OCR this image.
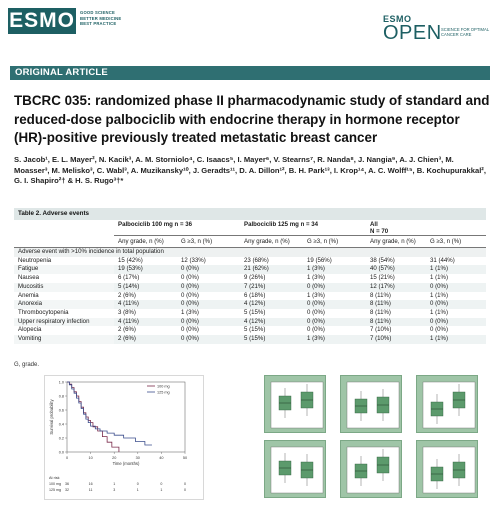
ESMO GOOD SCIENCE
BETTER MEDICINE
BEST PRACTICE	ESMO
OPEN SCIENCE FOR OPTIMAL CANCER CARE
ORIGINAL ARTICLE
TBCRC 035: randomized phase II pharmacodynamic study of standard and reduced-dose palbociclib with endocrine therapy in hormone receptor (HR)-positive previously treated metastatic breast cancer
S. Jacob¹, E. L. Mayer², N. Kacik³, A. M. Storniolo⁴, C. Isaacs⁵, I. Mayer⁶, V. Stearns⁷, R. Nanda⁸, J. Nangia⁹, A. J. Chien³, M. Moasser³, M. Melisko³, C. Wabl³, A. Muzikansky¹⁰, J. Geradts¹¹, D. A. Dillon¹², B. H. Park¹³, I. Krop¹⁴, A. C. Wolff¹⁵, B. Kochupurakkal², G. I. Shapiro²† & H. S. Rugo³†*
Table 2. Adverse events
	Palbociclib 100 mg n = 36		Palbociclib 125 mg n = 34		All
N = 70	
	Any grade, n (%)	G ≥3, n (%)	Any grade, n (%)	G ≥3, n (%)	Any grade, n (%)	G ≥3, n (%)
Adverse event with >10% incidence in total population						
Neutropenia	15 (42%)	12 (33%)	23 (68%)	19 (56%)	38 (54%)	31 (44%)
Fatigue	19 (53%)	0 (0%)	21 (62%)	1 (3%)	40 (57%)	1 (1%)
Nausea	6 (17%)	0 (0%)	9 (26%)	1 (3%)	15 (21%)	1 (1%)
Mucositis	5 (14%)	0 (0%)	7 (21%)	0 (0%)	12 (17%)	0 (0%)
Anemia	2 (6%)	0 (0%)	6 (18%)	1 (3%)	8 (11%)	1 (1%)
Anorexia	4 (11%)	0 (0%)	4 (12%)	0 (0%)	8 (11%)	0 (0%)
Thrombocytopenia	3 (8%)	1 (3%)	5 (15%)	0 (0%)	8 (11%)	1 (1%)
Upper respiratory infection	4 (11%)	0 (0%)	4 (12%)	0 (0%)	8 (11%)	0 (0%)
Alopecia	2 (6%)	0 (0%)	5 (15%)	0 (0%)	7 (10%)	0 (0%)
Vomiting	2 (6%)	0 (0%)	5 (15%)	1 (3%)	7 (10%)	1 (1%)
G, grade.
0	10	20	30	40	50
1.0
0.8
0.6
0.4
0.2
0.0
Time (months)
Survival probability
100 mg
125 mg
At risk
100 mg 36	16	1	0	0	0
125 mg 32	11	3	1	1	0
